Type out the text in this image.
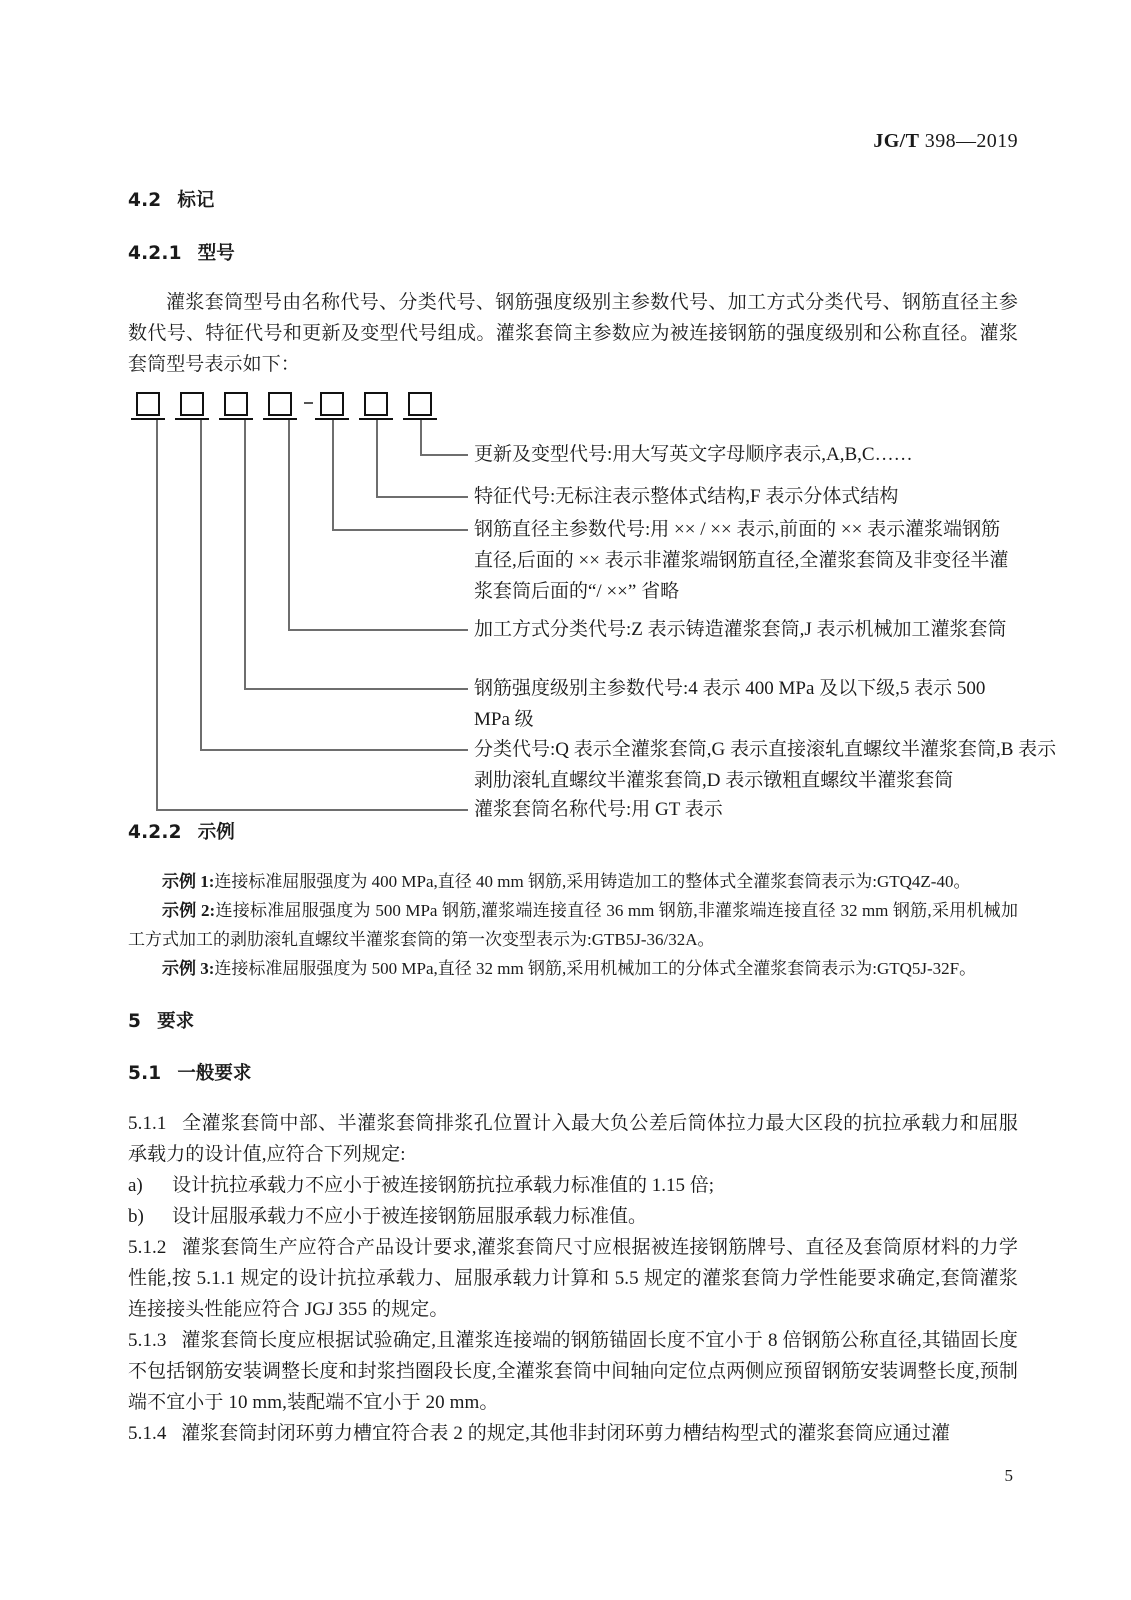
JG/T 398—2019
4.2 标记
4.2.1 型号

灌浆套筒型号由名称代号、分类代号、钢筋强度级别主参数代号、加工方式分类代号、钢筋直径主参数代号、特征代号和更新及变型代号组成。灌浆套筒主参数应为被连接钢筋的强度级别和公称直径。灌浆套筒型号表示如下：

更新及变型代号:用大写英文字母顺序表示,A,B,C……
特征代号:无标注表示整体式结构,F 表示分体式结构
钢筋直径主参数代号:用 ×× / ×× 表示,前面的 ×× 表示灌浆端钢筋直径,后面的 ×× 表示非灌浆端钢筋直径,全灌浆套筒及非变径半灌浆套筒后面的“/ ××” 省略
加工方式分类代号:Z 表示铸造灌浆套筒,J 表示机械加工灌浆套筒
钢筋强度级别主参数代号:4 表示 400 MPa 及以下级,5 表示 500 MPa 级
分类代号:Q 表示全灌浆套筒,G 表示直接滚轧直螺纹半灌浆套筒,B 表示剥肋滚轧直螺纹半灌浆套筒,D 表示镦粗直螺纹半灌浆套筒
灌浆套筒名称代号:用 GT 表示
4.2.2 示例

示例 1:连接标准屈服强度为 400 MPa,直径 40 mm 钢筋,采用铸造加工的整体式全灌浆套筒表示为:GTQ4Z-40。

示例 2:连接标准屈服强度为 500 MPa 钢筋,灌浆端连接直径 36 mm 钢筋,非灌浆端连接直径 32 mm 钢筋,采用机械加工方式加工的剥肋滚轧直螺纹半灌浆套筒的第一次变型表示为:GTB5J-36/32A。

示例 3:连接标准屈服强度为 500 MPa,直径 32 mm 钢筋,采用机械加工的分体式全灌浆套筒表示为:GTQ5J-32F。

5 要求
5.1 一般要求

5.1.1 全灌浆套筒中部、半灌浆套筒排浆孔位置计入最大负公差后筒体拉力最大区段的抗拉承载力和屈服承载力的设计值,应符合下列规定:

a)	设计抗拉承载力不应小于被连接钢筋抗拉承载力标准值的 1.15 倍;
b)	设计屈服承载力不应小于被连接钢筋屈服承载力标准值。

5.1.2 灌浆套筒生产应符合产品设计要求,灌浆套筒尺寸应根据被连接钢筋牌号、直径及套筒原材料的力学性能,按 5.1.1 规定的设计抗拉承载力、屈服承载力计算和 5.5 规定的灌浆套筒力学性能要求确定,套筒灌浆连接接头性能应符合 JGJ 355 的规定。

5.1.3 灌浆套筒长度应根据试验确定,且灌浆连接端的钢筋锚固长度不宜小于 8 倍钢筋公称直径,其锚固长度不包括钢筋安装调整长度和封浆挡圈段长度,全灌浆套筒中间轴向定位点两侧应预留钢筋安装调整长度,预制端不宜小于 10 mm,装配端不宜小于 20 mm。

5.1.4 灌浆套筒封闭环剪力槽宜符合表 2 的规定,其他非封闭环剪力槽结构型式的灌浆套筒应通过灌

5
